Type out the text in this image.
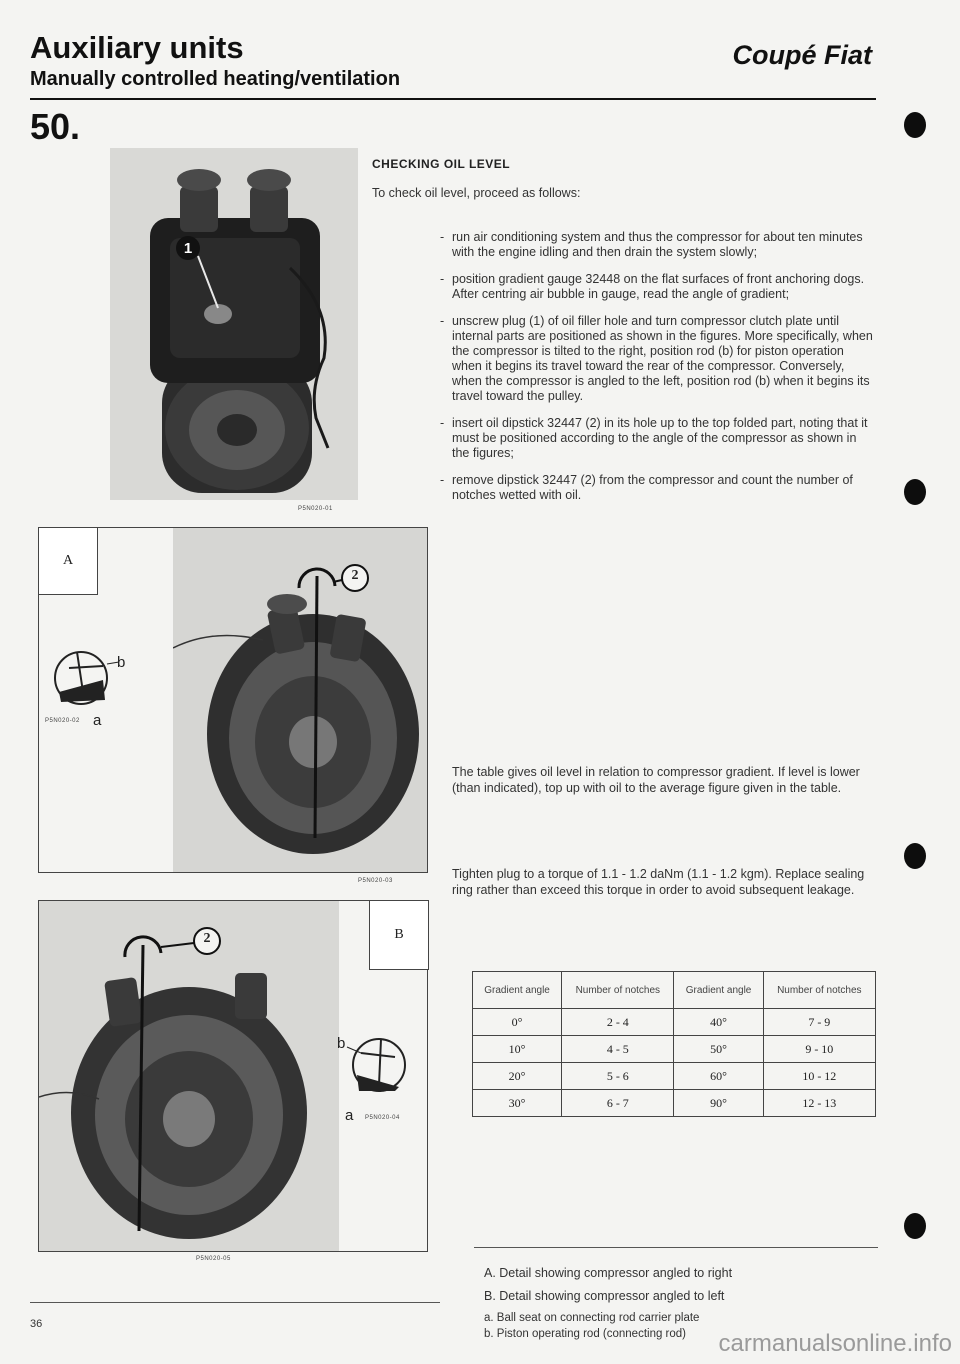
Auxiliary units
Manually controlled heating/ventilation
Coupé Fiat
50.
1
P5N020-01
A
2
b
a
P5N020-02
P5N020-03
2	B
b
a P5N020-04
P5N020-05
CHECKING OIL LEVEL
To check oil level, proceed as follows:
- run air conditioning system and thus the compressor for about ten minutes with the engine idling and then drain the system slowly;
- position gradient gauge 32448 on the flat surfaces of front anchoring dogs. After centring air bubble in gauge, read the angle of gradient;
- unscrew plug (1) of oil filler hole and turn compressor clutch plate until internal parts are positioned as shown in the figures. More specifically, when the compressor is tilted to the right, position rod (b) for piston operation when it begins its travel toward the rear of the compressor. Conversely, when the compressor is angled to the left, position rod (b) when it begins its travel toward the pulley.
- insert oil dipstick 32447 (2) in its hole up to the top folded part, noting that it must be positioned according to the angle of the compressor as shown in the figures;
- remove dipstick 32447 (2) from the compressor and count the number of notches wetted with oil.
The table gives oil level in relation to compressor gradient. If level is lower (than indicated), top up with oil to the average figure given in the table.
Tighten plug to a torque of 1.1 - 1.2 daNm (1.1 - 1.2 kgm). Replace sealing ring rather than exceed this torque in order to avoid subsequent leakage.
Gradient angle	Number of notches	Gradient angle	Number of notches
0°	2 - 4	40°	7 - 9
10°	4 - 5	50°	9 - 10
20°	5 - 6	60°	10 - 12
30°	6 - 7	90°	12 - 13
A. Detail showing compressor angled to right
B. Detail showing compressor angled to left
a. Ball seat on connecting rod carrier plate
b. Piston operating rod (connecting rod)
36
carmanualsonline.info
